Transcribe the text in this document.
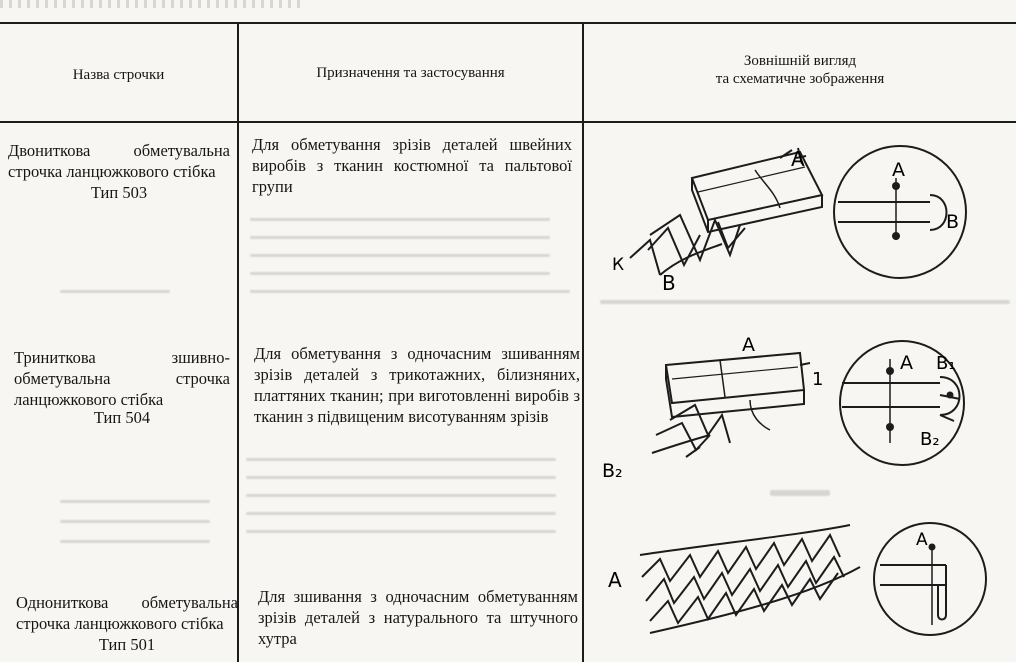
Назва строчки	Призначення та застосування
Зовнішній вигляд
та схематичне зображення
Двониткова обметувальна строчка ланцюжкового стібка
Тип 503
Для обметування зрізів деталей швейних виробів з тканин костюмної та пальтової групи
Триниткова зшивно-обметувальна строчка ланцюжкового стібка
Тип 504
Для обметування з одночасним зшиванням зрізів деталей з трикотажних, білизняних, платтяних тканин; при виготовленні виробів з тканин з підвищеним висотуванням зрізів
Однониткова обметувальна строчка ланцюжкового стібка
Тип 501
Для зшивання з одночасним обметуванням зрізів деталей з натурального та штучного хутра
А	А
В
К
В
А
1
А В₁
В₂
В₂
А
А
